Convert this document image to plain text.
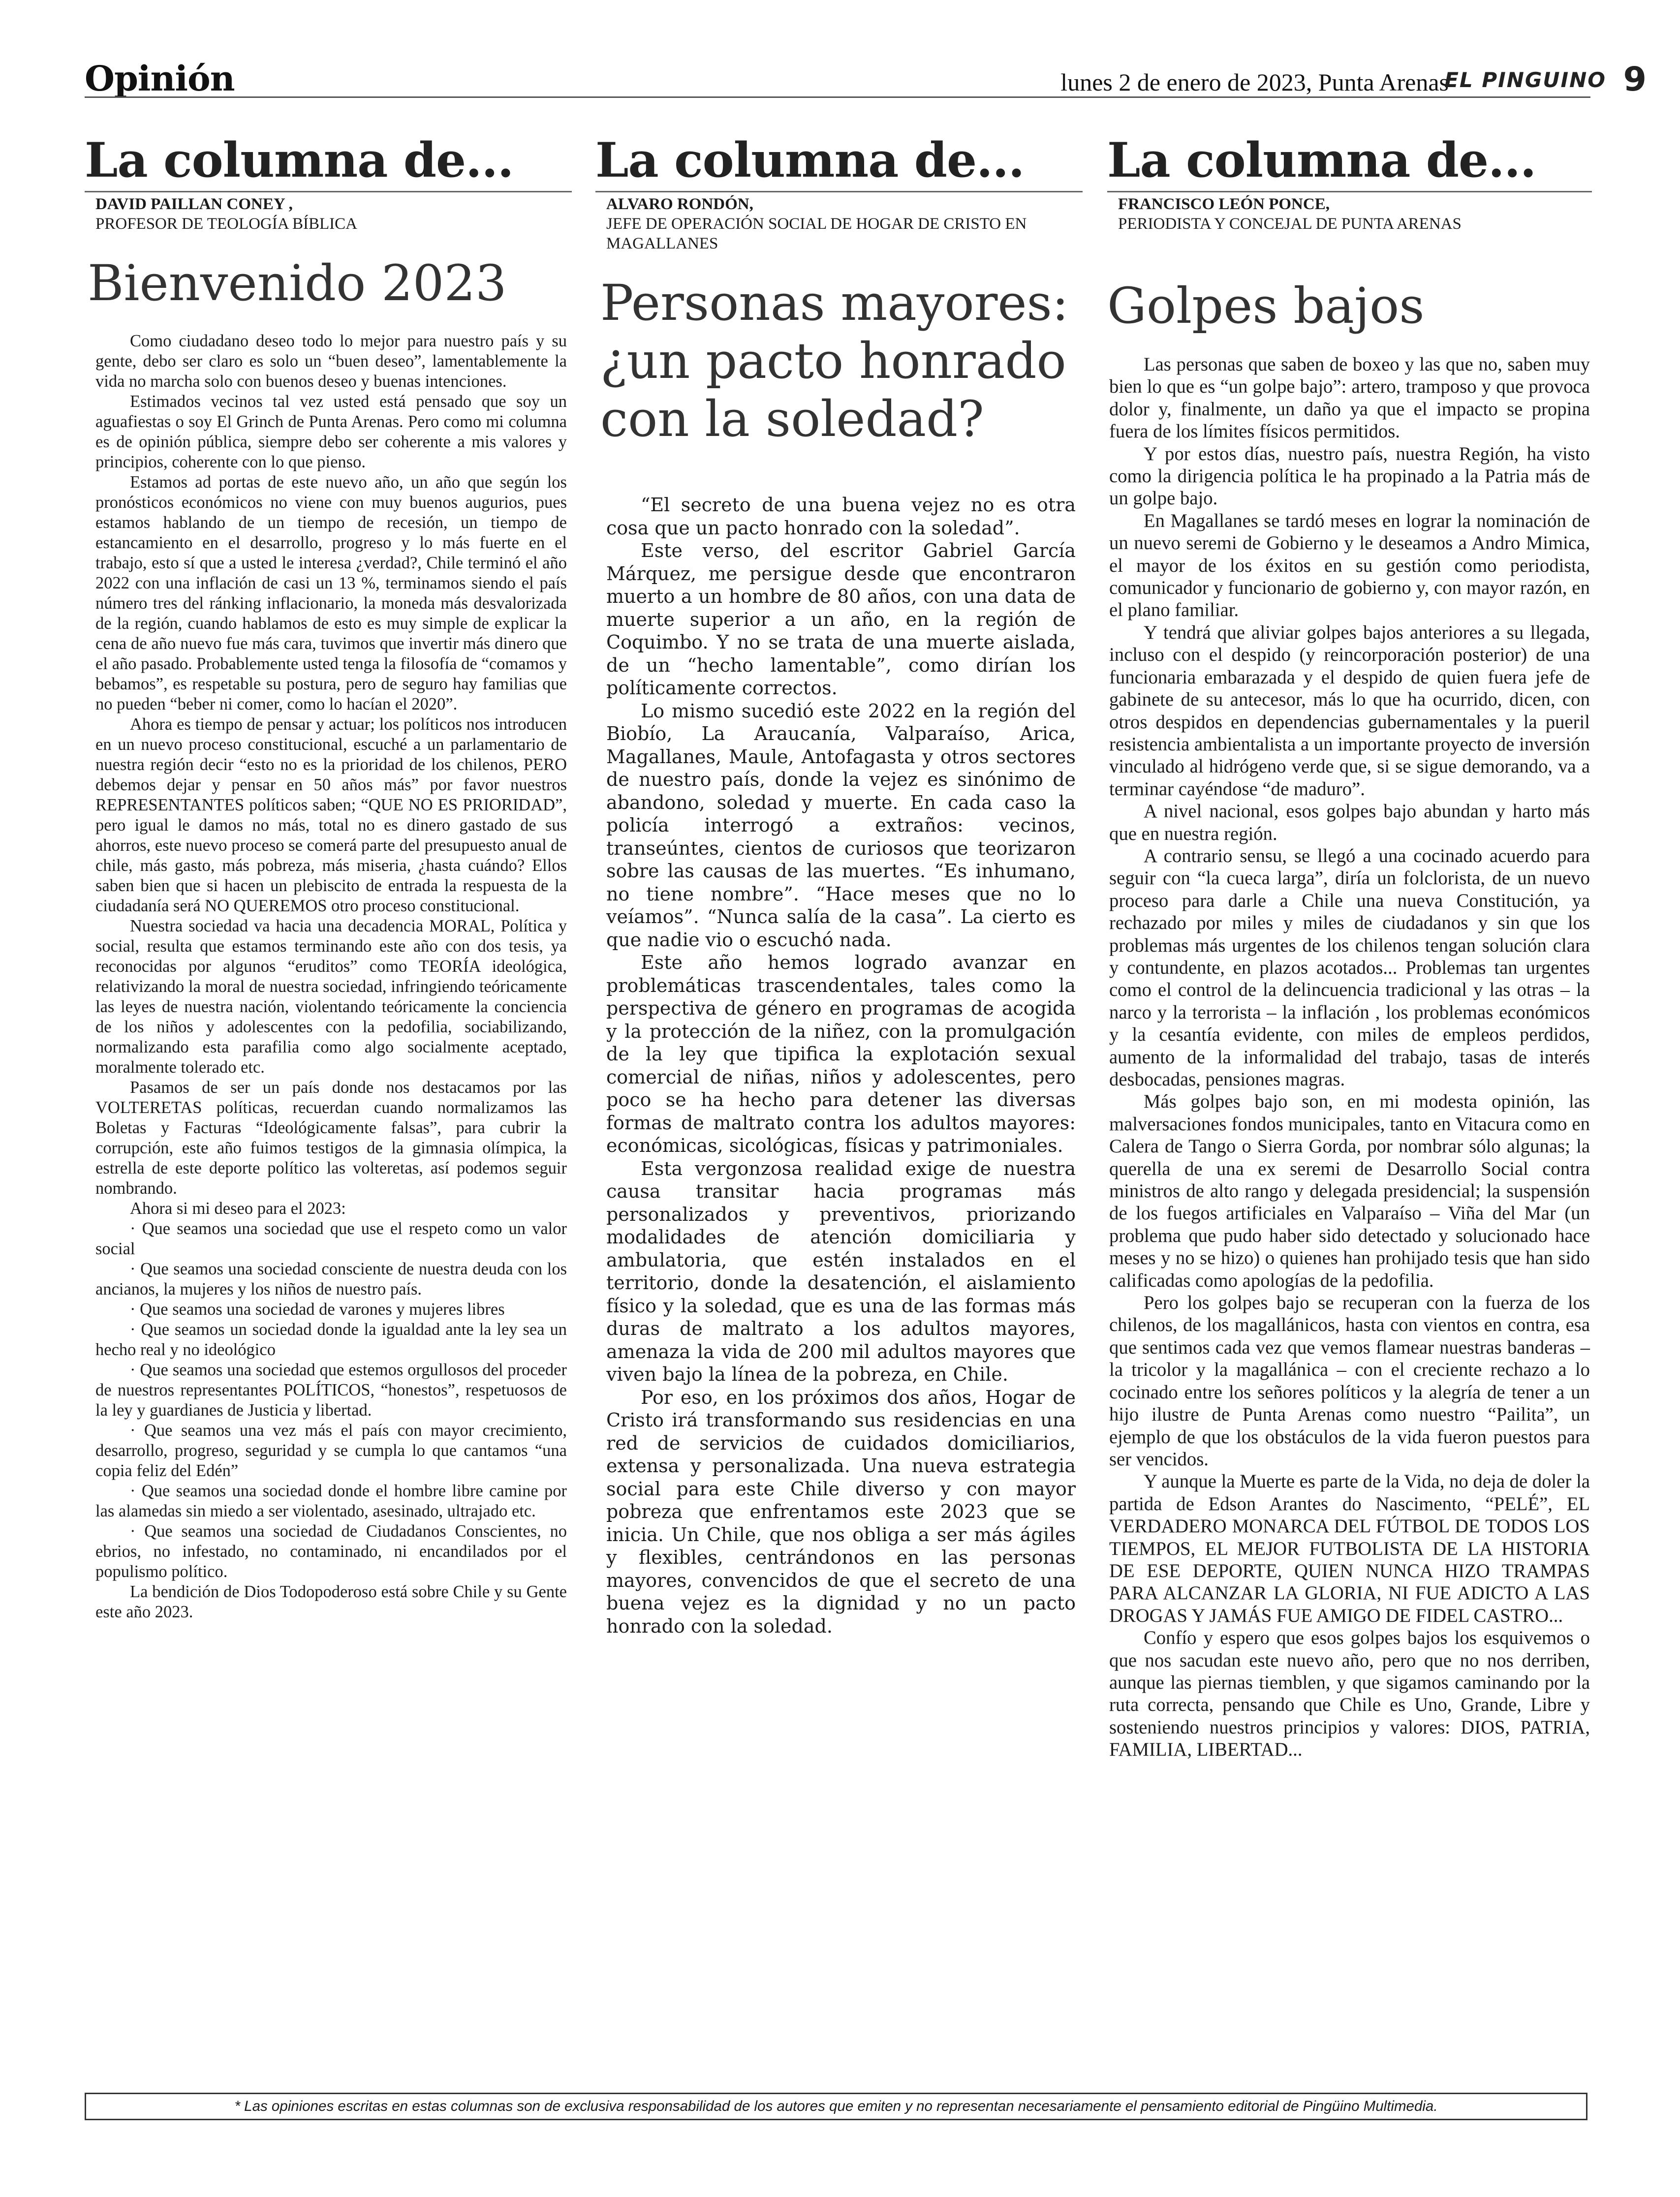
Opinión	lunes 2 de enero de 2023, Punta Arenas
EL PINGUINO 9
La columna de...
DAVID PAILLAN CONEY ,
PROFESOR DE TEOLOGÍA BÍBLICA
Bienvenido 2023

Como ciudadano deseo todo lo mejor para nuestro país y su gente, debo ser claro es solo un “buen deseo”, lamentablemente la vida no marcha solo con buenos deseo y buenas intenciones.

Estimados vecinos tal vez usted está pensado que soy un aguafiestas o soy El Grinch de Punta Arenas. Pero como mi columna es de opinión pública, siempre debo ser coherente a mis valores y principios, coherente con lo que pienso.

Estamos ad portas de este nuevo año, un año que según los pronósticos económicos no viene con muy buenos augurios, pues estamos hablando de un tiempo de recesión, un tiempo de estancamiento en el desarrollo, progreso y lo más fuerte en el trabajo, esto sí que a usted le interesa ¿verdad?, Chile terminó el año 2022 con una inflación de casi un 13 %, terminamos siendo el país número tres del ránking inflacionario, la moneda más desvalorizada de la región, cuando hablamos de esto es muy simple de explicar la cena de año nuevo fue más cara, tuvimos que invertir más dinero que el año pasado. Probablemente usted tenga la filosofía de “comamos y bebamos”, es respetable su postura, pero de seguro hay familias que no pueden “beber ni comer, como lo hacían el 2020”.

Ahora es tiempo de pensar y actuar; los políticos nos introducen en un nuevo proceso constitucional, escuché a un parlamentario de nuestra región decir “esto no es la prioridad de los chilenos, PERO debemos dejar y pensar en 50 años más” por favor nuestros REPRESENTANTES políticos saben; “QUE NO ES PRIORIDAD”, pero igual le damos no más, total no es dinero gastado de sus ahorros, este nuevo proceso se comerá parte del presupuesto anual de chile, más gasto, más pobreza, más miseria, ¿hasta cuándo? Ellos saben bien que si hacen un plebiscito de entrada la respuesta de la ciudadanía será NO QUEREMOS otro proceso constitucional.

Nuestra sociedad va hacia una decadencia MORAL, Política y social, resulta que estamos terminando este año con dos tesis, ya reconocidas por algunos “eruditos” como TEORÍA ideológica, relativizando la moral de nuestra sociedad, infringiendo teóricamente las leyes de nuestra nación, violentando teóricamente la conciencia de los niños y adolescentes con la pedofilia, sociabilizando, normalizando esta parafilia como algo socialmente aceptado, moralmente tolerado etc.

Pasamos de ser un país donde nos destacamos por las VOLTERETAS políticas, recuerdan cuando normalizamos las Boletas y Facturas “Ideológicamente falsas”, para cubrir la corrupción, este año fuimos testigos de la gimnasia olímpica, la estrella de este deporte político las volteretas, así podemos seguir nombrando.

Ahora si mi deseo para el 2023:

· Que seamos una sociedad que use el respeto como un valor social

· Que seamos una sociedad consciente de nuestra deuda con los ancianos, la mujeres y los niños de nuestro país.

· Que seamos una sociedad de varones y mujeres libres

· Que seamos un sociedad donde la igualdad ante la ley sea un hecho real y no ideológico

· Que seamos una sociedad que estemos orgullosos del proceder de nuestros representantes POLÍTICOS, “honestos”, respetuosos de la ley y guardianes de Justicia y libertad.

· Que seamos una vez más el país con mayor crecimiento, desarrollo, progreso, seguridad y se cumpla lo que cantamos “una copia feliz del Edén”

· Que seamos una sociedad donde el hombre libre camine por las alamedas sin miedo a ser violentado, asesinado, ultrajado etc.

· Que seamos una sociedad de Ciudadanos Conscientes, no ebrios, no infestado, no contaminado, ni encandilados por el populismo político.

La bendición de Dios Todopoderoso está sobre Chile y su Gente este año 2023.

La columna de...
ALVARO RONDÓN,
JEFE DE OPERACIÓN SOCIAL DE HOGAR DE CRISTO EN MAGALLANES
Personas mayores: ¿un pacto honrado con la soledad?

“El secreto de una buena vejez no es otra cosa que un pacto honrado con la soledad”.

Este verso, del escritor Gabriel García Márquez, me persigue desde que encontraron muerto a un hombre de 80 años, con una data de muerte superior a un año, en la región de Coquimbo. Y no se trata de una muerte aislada, de un “hecho lamentable”, como dirían los políticamente correctos.

Lo mismo sucedió este 2022 en la región del Biobío, La Araucanía, Valparaíso, Arica, Magallanes, Maule, Antofagasta y otros sectores de nuestro país, donde la vejez es sinónimo de abandono, soledad y muerte. En cada caso la policía interrogó a extraños: vecinos, transeúntes, cientos de curiosos que teorizaron sobre las causas de las muertes. “Es inhumano, no tiene nombre”. “Hace meses que no lo veíamos”. “Nunca salía de la casa”. La cierto es que nadie vio o escuchó nada.

Este año hemos logrado avanzar en problemáticas trascendentales, tales como la perspectiva de género en programas de acogida y la protección de la niñez, con la promulgación de la ley que tipifica la explotación sexual comercial de niñas, niños y adolescentes, pero poco se ha hecho para detener las diversas formas de maltrato contra los adultos mayores: económicas, sicológicas, físicas y patrimoniales.

Esta vergonzosa realidad exige de nuestra causa transitar hacia programas más personalizados y preventivos, priorizando modalidades de atención domiciliaria y ambulatoria, que estén instalados en el territorio, donde la desatención, el aislamiento físico y la soledad, que es una de las formas más duras de maltrato a los adultos mayores, amenaza la vida de 200 mil adultos mayores que viven bajo la línea de la pobreza, en Chile.

Por eso, en los próximos dos años, Hogar de Cristo irá transformando sus residencias en una red de servicios de cuidados domiciliarios, extensa y personalizada. Una nueva estrategia social para este Chile diverso y con mayor pobreza que enfrentamos este 2023 que se inicia. Un Chile, que nos obliga a ser más ágiles y flexibles, centrándonos en las personas mayores, convencidos de que el secreto de una buena vejez es la dignidad y no un pacto honrado con la soledad.

La columna de...
FRANCISCO LEÓN PONCE,
PERIODISTA Y CONCEJAL DE PUNTA ARENAS
Golpes bajos

Las personas que saben de boxeo y las que no, saben muy bien lo que es “un golpe bajo”: artero, tramposo y que provoca dolor y, finalmente, un daño ya que el impacto se propina fuera de los límites físicos permitidos.

Y por estos días, nuestro país, nuestra Región, ha visto como la dirigencia política le ha propinado a la Patria más de un golpe bajo.

En Magallanes se tardó meses en lograr la nominación de un nuevo seremi de Gobierno y le deseamos a Andro Mimica, el mayor de los éxitos en su gestión como periodista, comunicador y funcionario de gobierno y, con mayor razón, en el plano familiar.

Y tendrá que aliviar golpes bajos anteriores a su llegada, incluso con el despido (y reincorporación posterior) de una funcionaria embarazada y el despido de quien fuera jefe de gabinete de su antecesor, más lo que ha ocurrido, dicen, con otros despidos en dependencias gubernamentales y la pueril resistencia ambientalista a un importante proyecto de inversión vinculado al hidrógeno verde que, si se sigue demorando, va a terminar cayéndose “de maduro”.

A nivel nacional, esos golpes bajo abundan y harto más que en nuestra región.

A contrario sensu, se llegó a una cocinado acuerdo para seguir con “la cueca larga”, diría un folclorista, de un nuevo proceso para darle a Chile una nueva Constitución, ya rechazado por miles y miles de ciudadanos y sin que los problemas más urgentes de los chilenos tengan solución clara y contundente, en plazos acotados... Problemas tan urgentes como el control de la delincuencia tradicional y las otras – la narco y la terrorista – la inflación , los problemas económicos y la cesantía evidente, con miles de empleos perdidos, aumento de la informalidad del trabajo, tasas de interés desbocadas, pensiones magras.

Más golpes bajo son, en mi modesta opinión, las malversaciones fondos municipales, tanto en Vitacura como en Calera de Tango o Sierra Gorda, por nombrar sólo algunas; la querella de una ex seremi de Desarrollo Social contra ministros de alto rango y delegada presidencial; la suspensión de los fuegos artificiales en Valparaíso – Viña del Mar (un problema que pudo haber sido detectado y solucionado hace meses y no se hizo) o quienes han prohijado tesis que han sido calificadas como apologías de la pedofilia.

Pero los golpes bajo se recuperan con la fuerza de los chilenos, de los magallánicos, hasta con vientos en contra, esa que sentimos cada vez que vemos flamear nuestras banderas – la tricolor y la magallánica – con el creciente rechazo a lo cocinado entre los señores políticos y la alegría de tener a un hijo ilustre de Punta Arenas como nuestro “Pailita”, un ejemplo de que los obstáculos de la vida fueron puestos para ser vencidos.

Y aunque la Muerte es parte de la Vida, no deja de doler la partida de Edson Arantes do Nascimento, “PELÉ”, EL VERDADERO MONARCA DEL FÚTBOL DE TODOS LOS TIEMPOS, EL MEJOR FUTBOLISTA DE LA HISTORIA DE ESE DEPORTE, QUIEN NUNCA HIZO TRAMPAS PARA ALCANZAR LA GLORIA, NI FUE ADICTO A LAS DROGAS Y JAMÁS FUE AMIGO DE FIDEL CASTRO...

Confío y espero que esos golpes bajos los esquivemos o que nos sacudan este nuevo año, pero que no nos derriben, aunque las piernas tiemblen, y que sigamos caminando por la ruta correcta, pensando que Chile es Uno, Grande, Libre y sosteniendo nuestros principios y valores: DIOS, PATRIA, FAMILIA, LIBERTAD...

* Las opiniones escritas en estas columnas son de exclusiva responsabilidad de los autores que emiten y no representan necesariamente el pensamiento editorial de Pingüino Multimedia.
